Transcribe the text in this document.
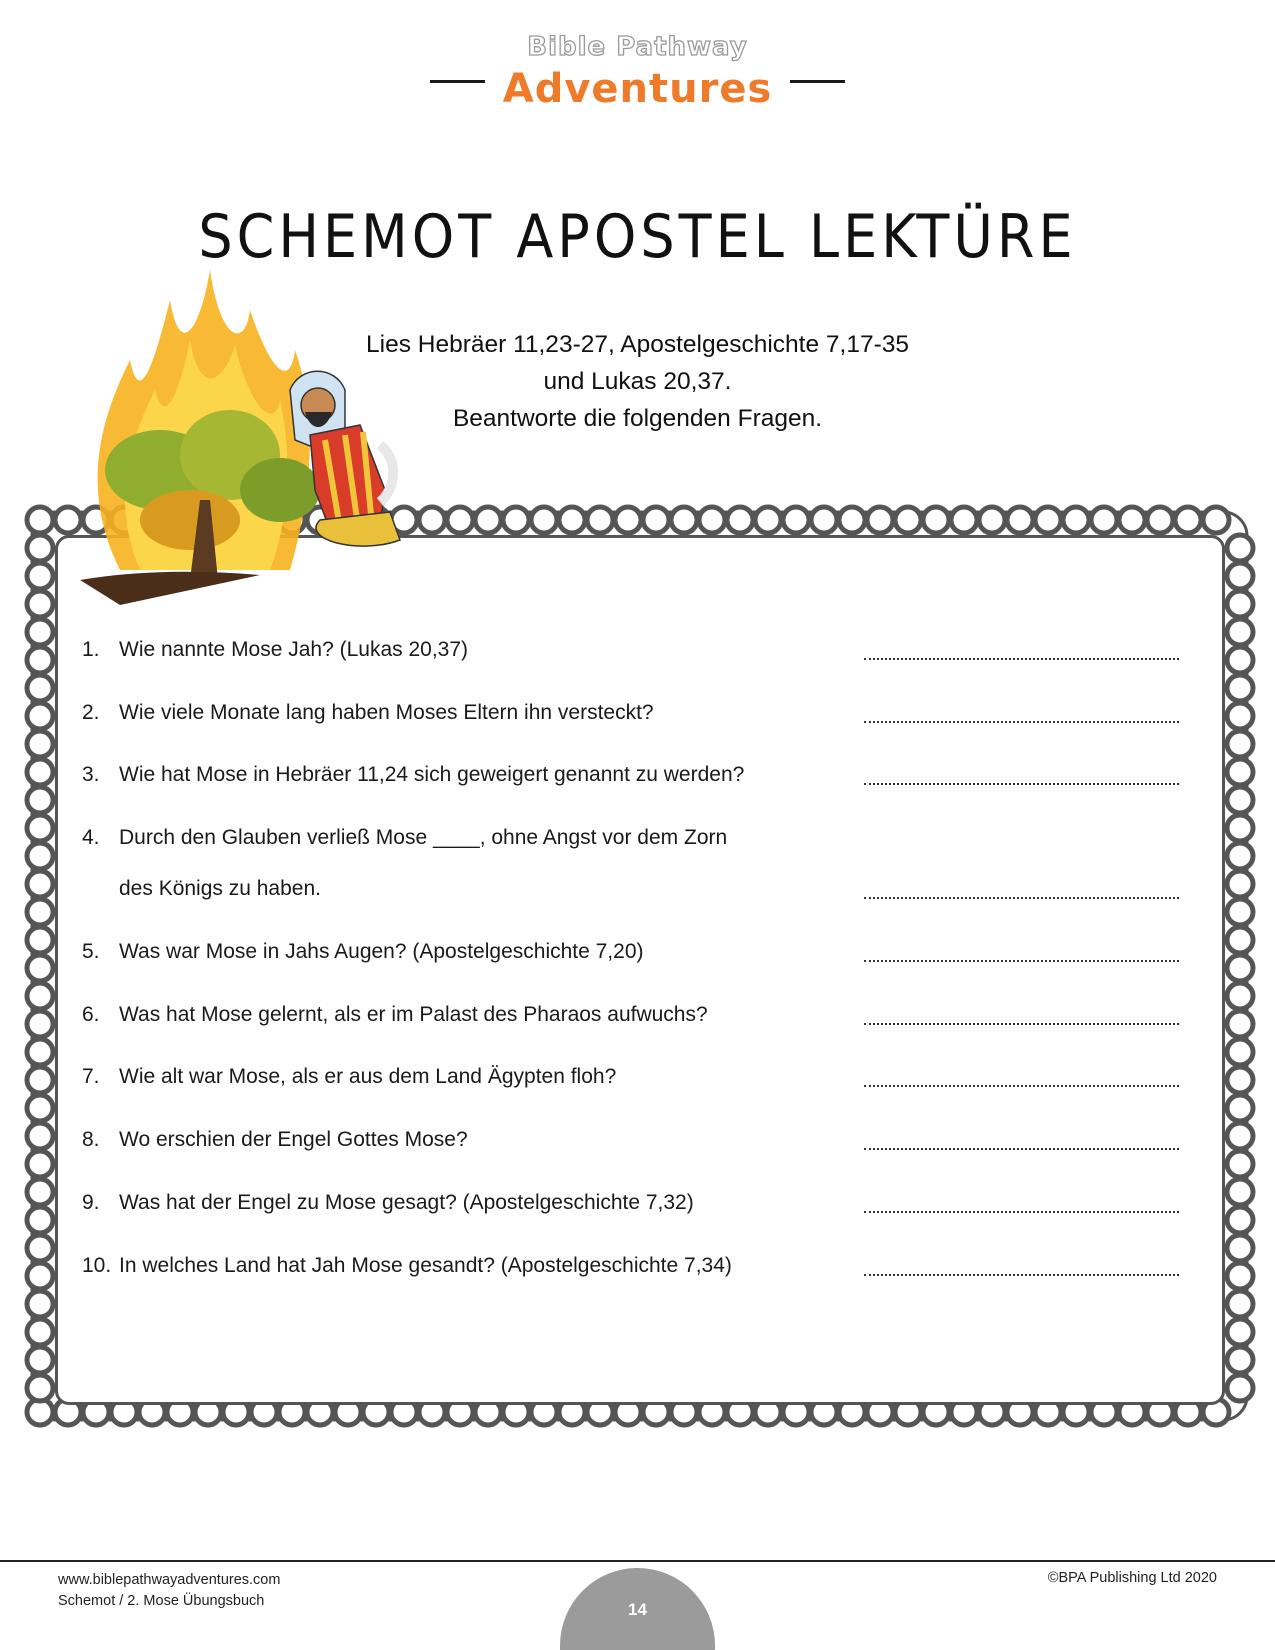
Bible Pathway
Adventures
SCHEMOT APOSTEL LEKTÜRE
Lies Hebräer 11,23-27, Apostelgeschichte 7,17-35
und Lukas 20,37.
Beantworte die folgenden Fragen.
1. Wie nannte Mose Jah? (Lukas 20,37)
2. Wie viele Monate lang haben Moses Eltern ihn versteckt?
3. Wie hat Mose in Hebräer 11,24 sich geweigert genannt zu werden?
4. Durch den Glauben verließ Mose ____, ohne Angst vor dem Zorn
des Königs zu haben.
5. Was war Mose in Jahs Augen? (Apostelgeschichte 7,20)
6. Was hat Mose gelernt, als er im Palast des Pharaos aufwuchs?
7. Wie alt war Mose, als er aus dem Land Ägypten floh?
8. Wo erschien der Engel Gottes Mose?
9. Was hat der Engel zu Mose gesagt? (Apostelgeschichte 7,32)
10. In welches Land hat Jah Mose gesandt? (Apostelgeschichte 7,34)
www.biblepathwayadventures.com
Schemot / 2. Mose Übungsbuch	14
©BPA Publishing Ltd 2020
